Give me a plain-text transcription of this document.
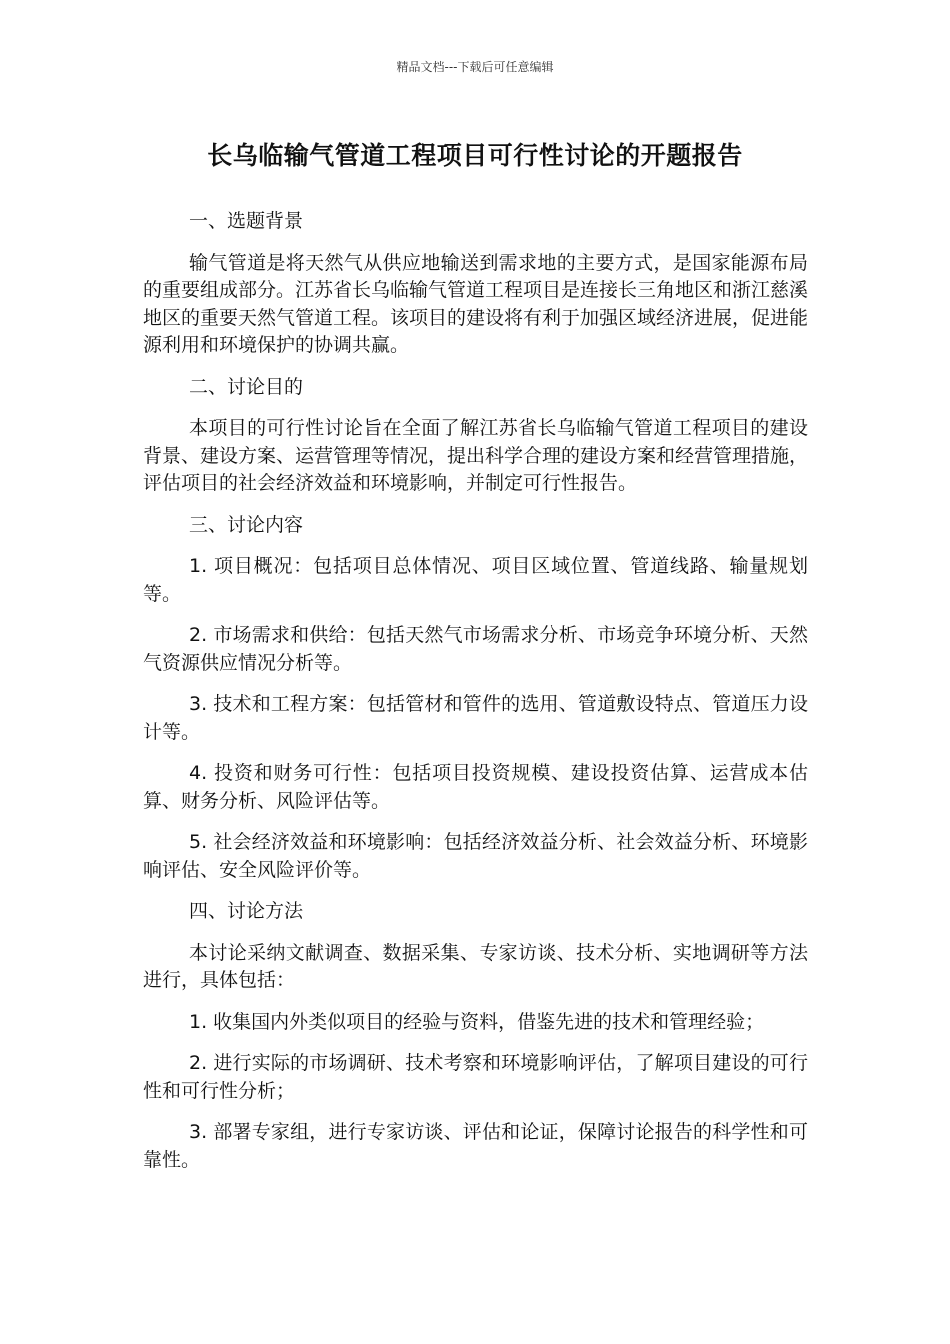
精品文档---下载后可任意编辑
长乌临输气管道工程项目可行性讨论的开题报告

一、选题背景

输气管道是将天然气从供应地输送到需求地的主要方式，是国家能源布局的重要组成部分。江苏省长乌临输气管道工程项目是连接长三角地区和浙江慈溪地区的重要天然气管道工程。该项目的建设将有利于加强区域经济进展，促进能源利用和环境保护的协调共赢。

二、讨论目的

本项目的可行性讨论旨在全面了解江苏省长乌临输气管道工程项目的建设背景、建设方案、运营管理等情况，提出科学合理的建设方案和经营管理措施，评估项目的社会经济效益和环境影响，并制定可行性报告。

三、讨论内容

1. 项目概况：包括项目总体情况、项目区域位置、管道线路、输量规划等。

2. 市场需求和供给：包括天然气市场需求分析、市场竞争环境分析、天然气资源供应情况分析等。

3. 技术和工程方案：包括管材和管件的选用、管道敷设特点、管道压力设计等。

4. 投资和财务可行性：包括项目投资规模、建设投资估算、运营成本估算、财务分析、风险评估等。

5. 社会经济效益和环境影响：包括经济效益分析、社会效益分析、环境影响评估、安全风险评价等。

四、讨论方法

本讨论采纳文献调查、数据采集、专家访谈、技术分析、实地调研等方法进行，具体包括：

1. 收集国内外类似项目的经验与资料，借鉴先进的技术和管理经验；

2. 进行实际的市场调研、技术考察和环境影响评估，了解项目建设的可行性和可行性分析；

3. 部署专家组，进行专家访谈、评估和论证，保障讨论报告的科学性和可靠性。
